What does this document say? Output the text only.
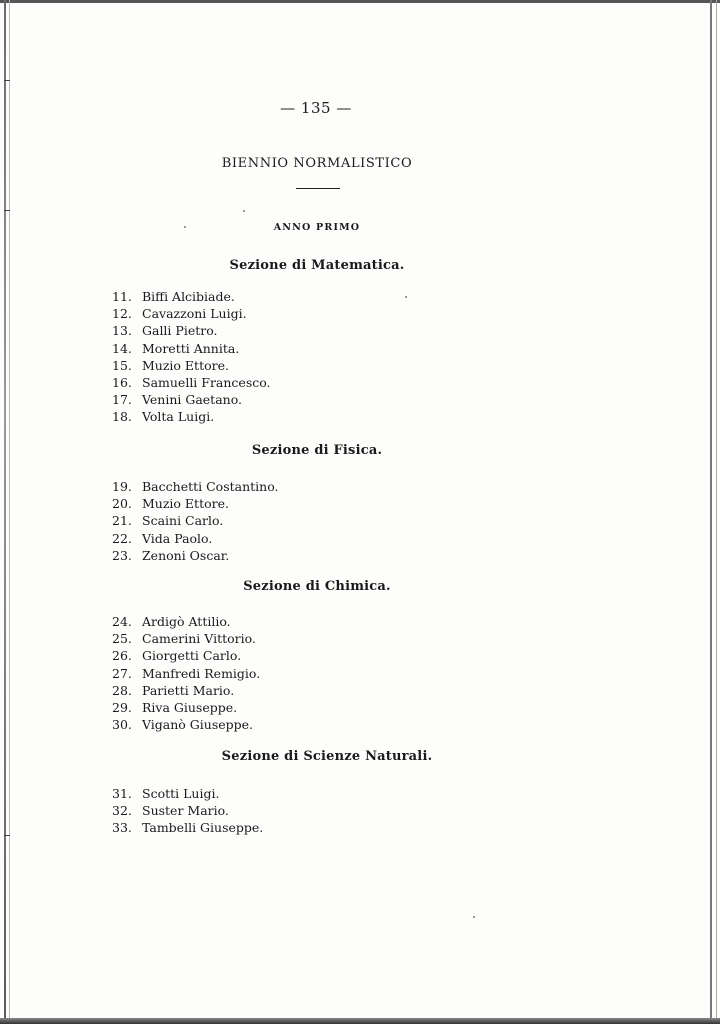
— 135 —
BIENNIO NORMALISTICO
ANNO PRIMO
Sezione di Matematica.
11. Biffi Alcibiade.
12. Cavazzoni Luigi.
13. Galli Pietro.
14. Moretti Annita.
15. Muzio Ettore.
16. Samuelli Francesco.
17. Venini Gaetano.
18. Volta Luigi.
Sezione di Fisica.
19. Bacchetti Costantino.
20. Muzio Ettore.
21. Scaini Carlo.
22. Vida Paolo.
23. Zenoni Oscar.
Sezione di Chimica.
24. Ardigò Attilio.
25. Camerini Vittorio.
26. Giorgetti Carlo.
27. Manfredi Remigio.
28. Parietti Mario.
29. Riva Giuseppe.
30. Viganò Giuseppe.
Sezione di Scienze Naturali.
31. Scotti Luigi.
32. Suster Mario.
33. Tambelli Giuseppe.
